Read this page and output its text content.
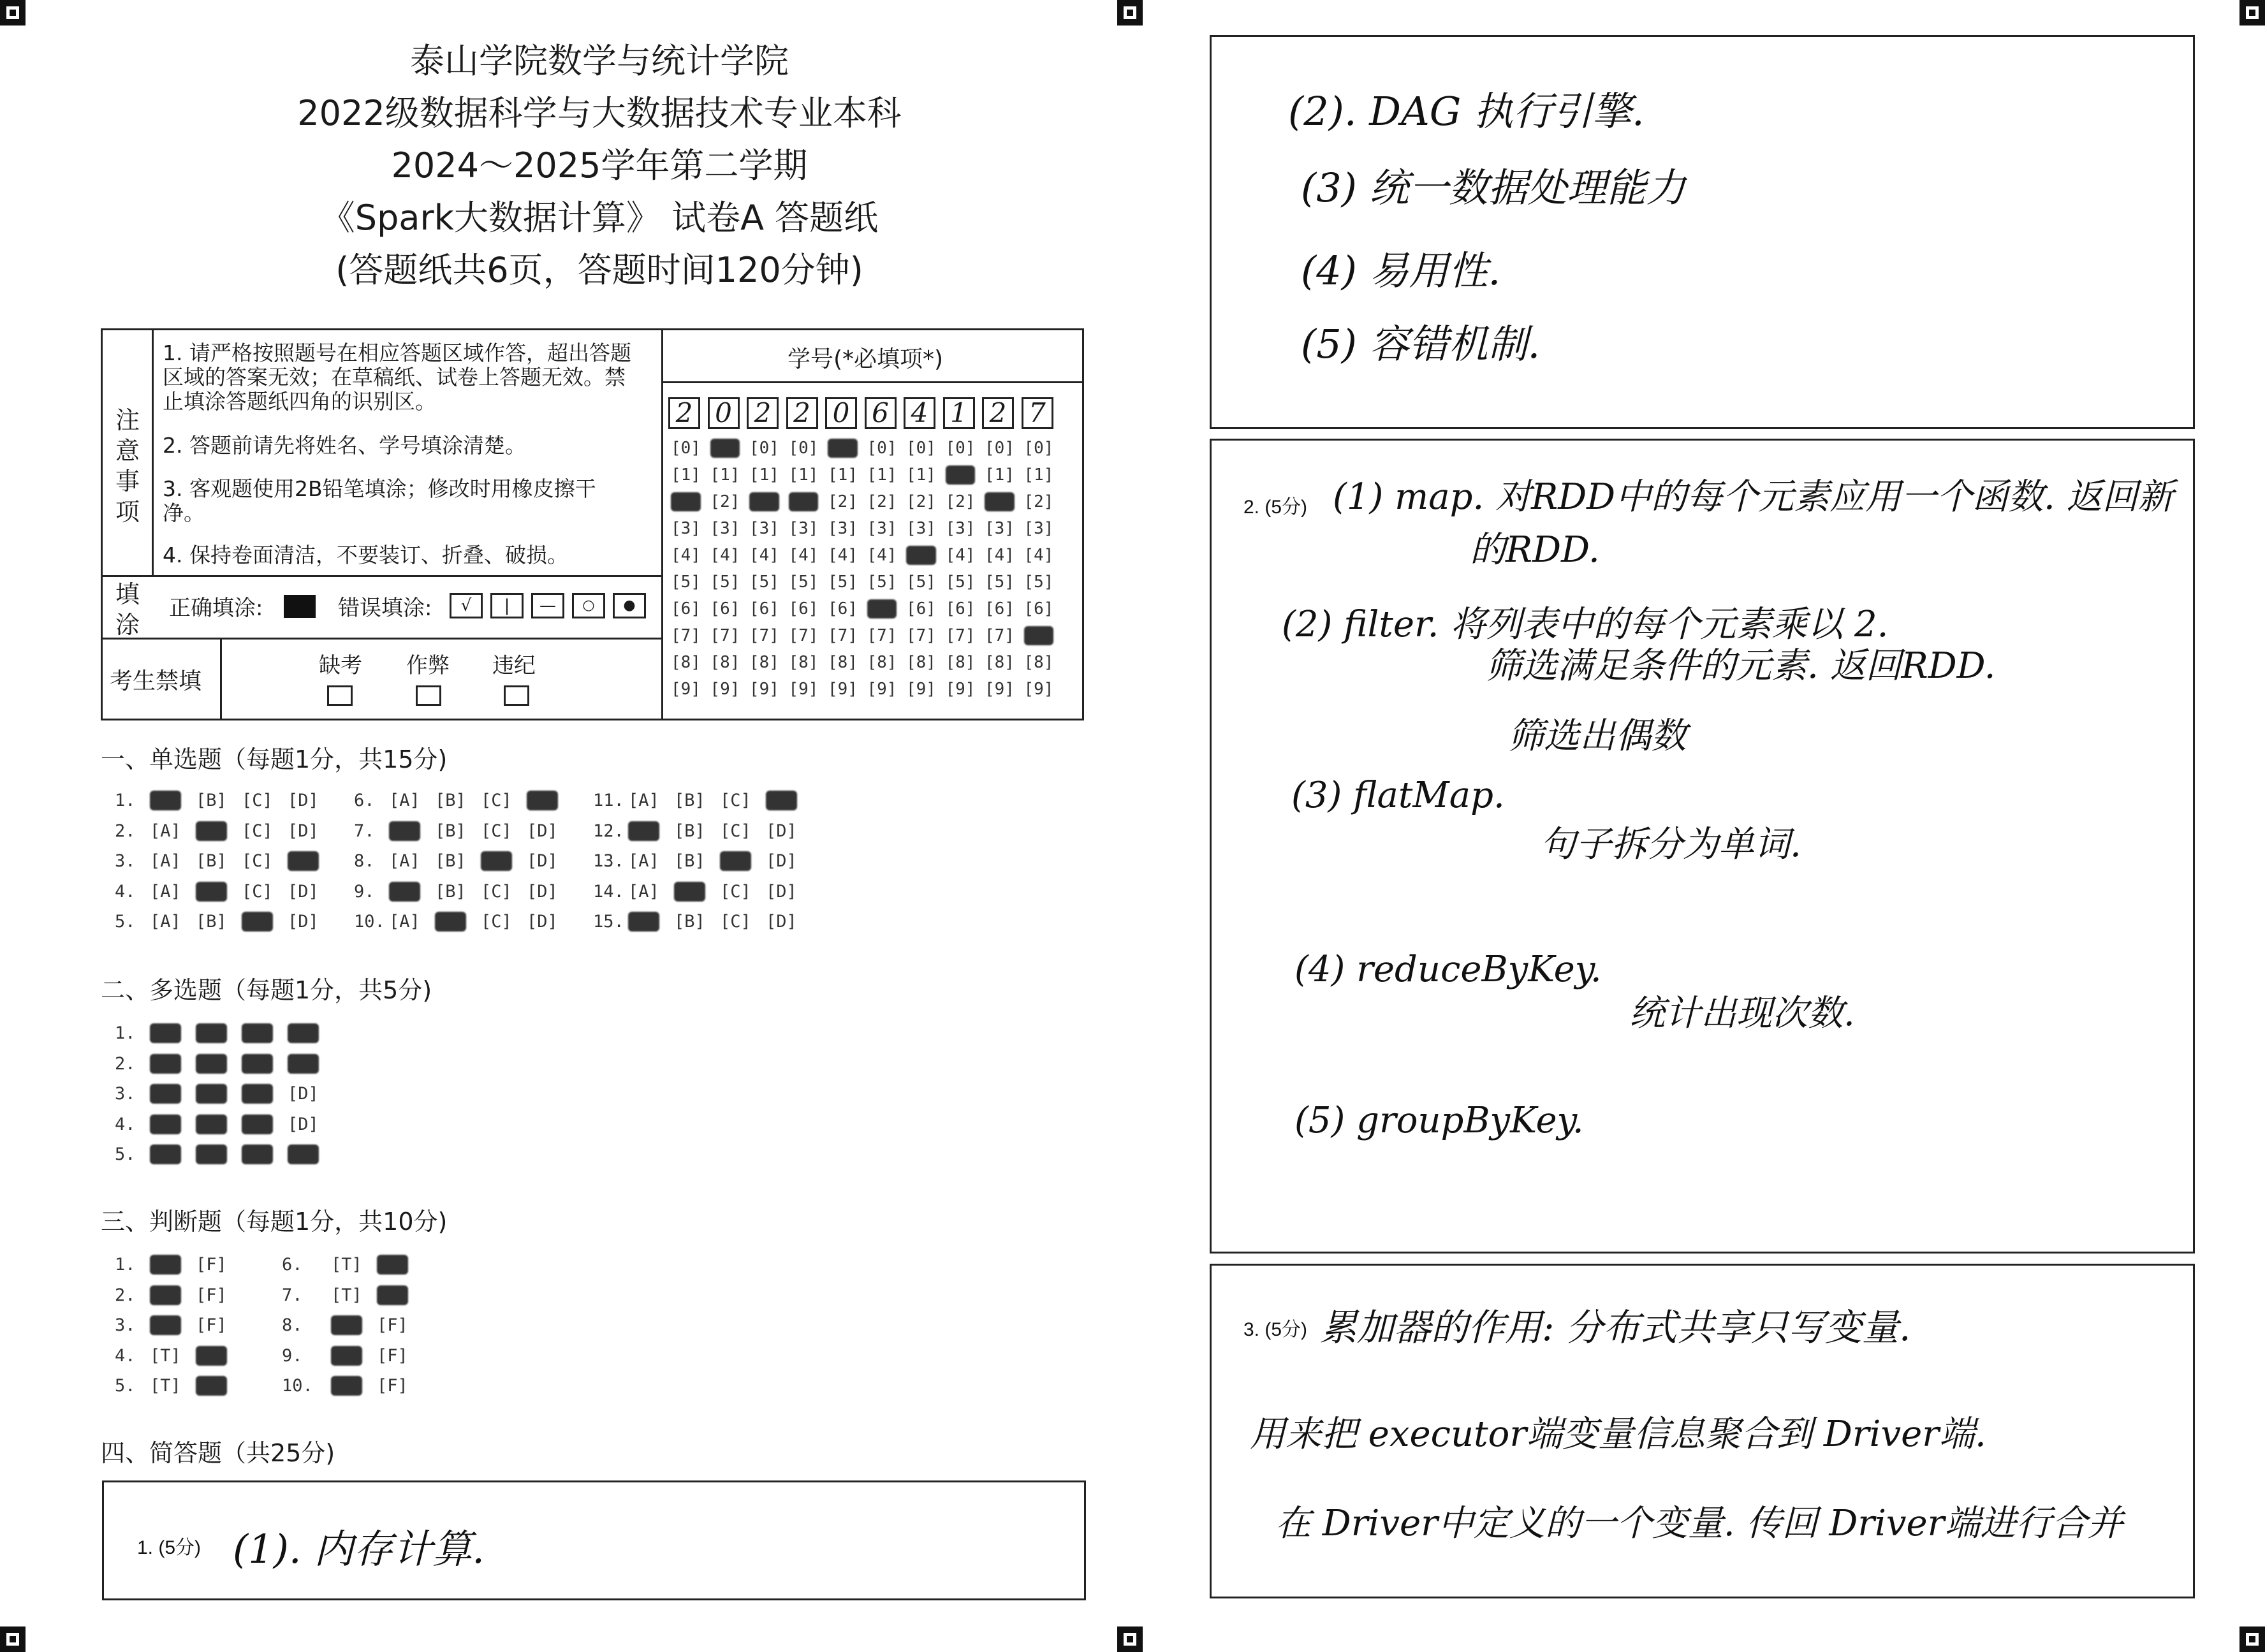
泰山学院数学与统计学院
2022级数据科学与大数据技术专业本科
2024～2025学年第二学期
《Spark大数据计算》 试卷A 答题纸
(答题纸共6页，答题时间120分钟)
注意事项
1. 请严格按照题号在相应答题区域作答，超出答题区域的答案无效；在草稿纸、试卷上答题无效。禁止填涂答题纸四角的识别区。
2. 答题前请先将姓名、学号填涂清楚。
3. 客观题使用2B铅笔填涂；修改时用橡皮擦干净。
4. 保持卷面清洁，不要装订、折叠、破损。
填涂
正确填涂:	错误填涂:	√	|	—	○	●
考生禁填
缺考 作弊 违纪
学号(*必填项*)
2 0 2 2 0 6 4 1 2 7
[0] [0] [0] [0] [0] [0] [0] [0] [0] [0]
[1] [1] [1] [1] [1] [1] [1] [1] [1] [1]
[2] [2] [2] [2] [2] [2] [2] [2] [2] [2]
[3] [3] [3] [3] [3] [3] [3] [3] [3] [3]
[4] [4] [4] [4] [4] [4] [4] [4] [4] [4]
[5] [5] [5] [5] [5] [5] [5] [5] [5] [5]
[6] [6] [6] [6] [6] [6] [6] [6] [6] [6]
[7] [7] [7] [7] [7] [7] [7] [7] [7] [7]
[8] [8] [8] [8] [8] [8] [8] [8] [8] [8]
[9] [9] [9] [9] [9] [9] [9] [9] [9] [9]
一、单选题（每题1分，共15分)
1. [A] [B] [C] [D]
2. [A] [B] [C] [D]
3. [A] [B] [C] [D]
4. [A] [B] [C] [D]
5. [A] [B] [C] [D]
6. [A] [B] [C] [D]
7. [A] [B] [C] [D]
8. [A] [B] [C] [D]
9. [A] [B] [C] [D]
10. [A] [B] [C] [D]
11. [A] [B] [C] [D]
12. [A] [B] [C] [D]
13. [A] [B] [C] [D]
14. [A] [B] [C] [D]
15. [A] [B] [C] [D]
二、多选题（每题1分，共5分)
1. [A] [B] [C] [D]
2. [A] [B] [C] [D]
3. [A] [B] [C] [D]
4. [A] [B] [C] [D]
5. [A] [B] [C] [D]
三、判断题（每题1分，共10分)
1. [T] [F]
2. [T] [F]
3. [T] [F]
4. [T] [F]
5. [T] [F]
6. [T] [F]
7. [T] [F]
8. [T] [F]
9. [T] [F]
10. [T] [F]
四、简答题（共25分)
1. (5分) (1). 内存计算.
(2). DAG 执行引擎.
(3) 统一数据处理能力
(4) 易用性.
(5) 容错机制.
2. (5分) (1) map. 对RDD中的每个元素应用一个函数. 返回新
的RDD.
(2) filter. 将列表中的每个元素乘以 2.
筛选满足条件的元素. 返回RDD.
筛选出偶数
(3) flatMap.
句子拆分为单词.
(4) reduceByKey.
统计出现次数.
(5) groupByKey.
3. (5分) 累加器的作用: 分布式共享只写变量.
用来把 executor端变量信息聚合到 Driver端.
在 Driver中定义的一个变量. 传回 Driver端进行合并
